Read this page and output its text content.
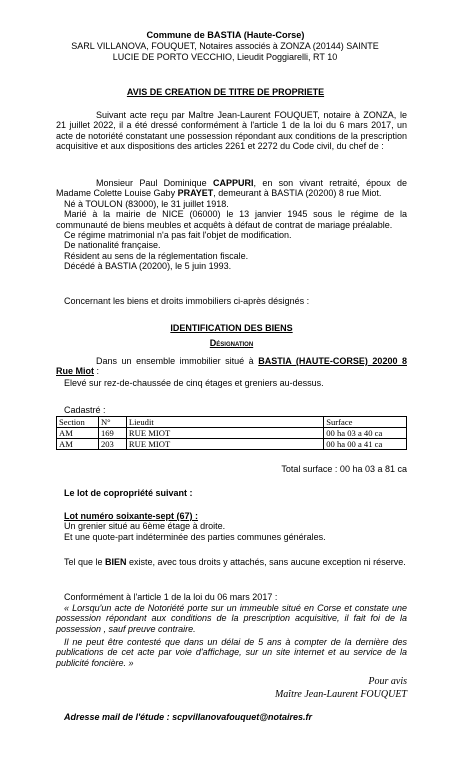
Commune de BASTIA (Haute-Corse)
SARL VILLANOVA, FOUQUET, Notaires associés à ZONZA (20144) SAINTE LUCIE DE PORTO VECCHIO, Lieudit Poggiarelli, RT 10
AVIS DE CREATION DE TITRE DE PROPRIETE
Suivant acte reçu par Maître Jean-Laurent FOUQUET, notaire à ZONZA, le 21 juillet 2022, il a été dressé conformément à l'article 1 de la loi du 6 mars 2017, un acte de notoriété constatant une possession répondant aux conditions de la prescription acquisitive et aux dispositions des articles 2261 et 2272 du Code civil, du chef de :

Monsieur Paul Dominique CAPPURI, en son vivant retraité, époux de Madame Colette Louise Gaby PRAYET, demeurant à BASTIA (20200) 8 rue Miot.

Né à TOULON (83000), le 31 juillet 1918.

Marié à la mairie de NICE (06000) le 13 janvier 1945 sous le régime de la communauté de biens meubles et acquêts à défaut de contrat de mariage préalable.

Ce régime matrimonial n'a pas fait l'objet de modification.

De nationalité française.

Résident au sens de la réglementation fiscale.

Décédé à BASTIA (20200), le 5 juin 1993.

Concernant les biens et droits immobiliers ci-après désignés :
IDENTIFICATION DES BIENS
Désignation
Dans un ensemble immobilier situé à BASTIA (HAUTE-CORSE) 20200 8 Rue Miot :
Elevé sur rez-de-chaussée de cinq étages et greniers au-dessus.
Cadastré :
Section	N°	Lieudit	Surface
AM	169	RUE MIOT	00 ha 03 a 40 ca
AM	203	RUE MIOT	00 ha 00 a 41 ca
Total surface : 00 ha 03 a 81 ca
Le lot de copropriété suivant :

Lot numéro soixante-sept (67) :

Un grenier situé au 6ème étage à droite.

Et une quote-part indéterminée des parties communes générales.

Tel que le BIEN existe, avec tous droits y attachés, sans aucune exception ni réserve.
Conformément à l'article 1 de la loi du 06 mars 2017 :
« Lorsqu'un acte de Notoriété porte sur un immeuble situé en Corse et constate une possession répondant aux conditions de la prescription acquisitive, il fait foi de la possession , sauf preuve contraire.
Il ne peut être contesté que dans un délai de 5 ans à compter de la dernière des publications de cet acte par voie d'affichage, sur un site internet et au service de la publicité foncière. »
Pour avis
Maître Jean-Laurent FOUQUET
Adresse mail de l'étude : scpvillanovafouquet@notaires.fr
